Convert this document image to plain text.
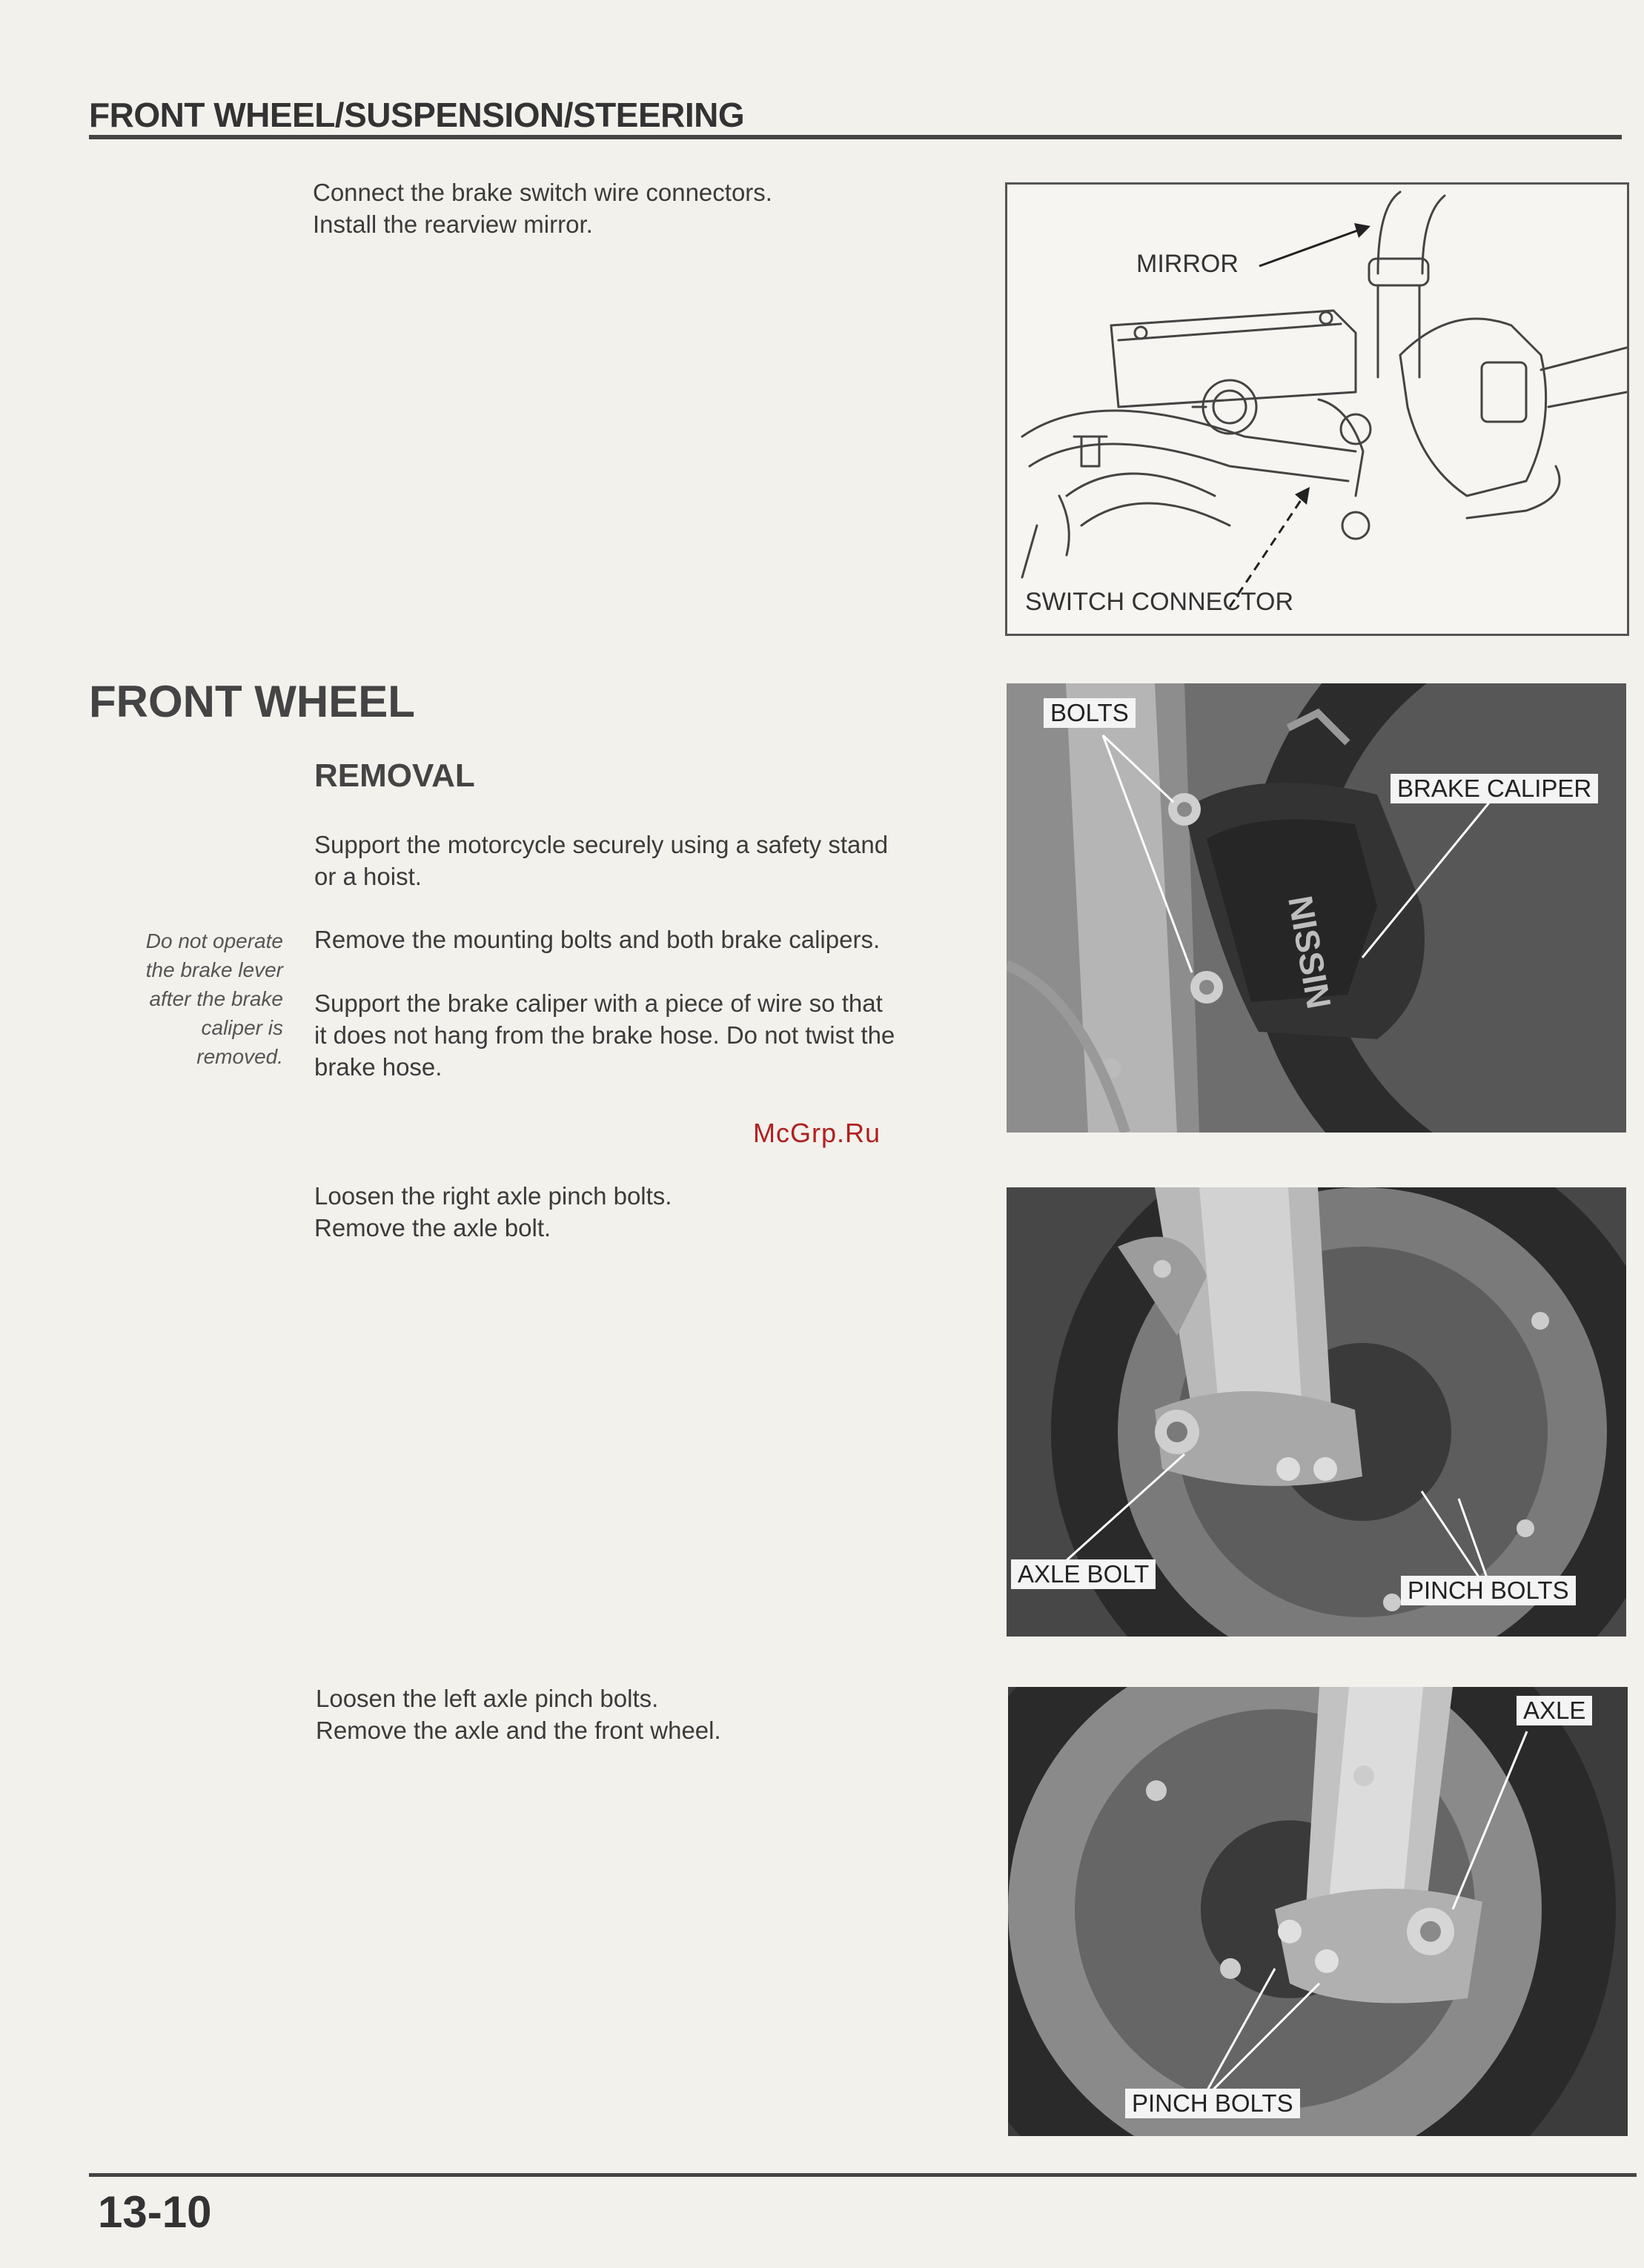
FRONT WHEEL/SUSPENSION/STEERING
Connect the brake switch wire connectors.
Install the rearview mirror.
MIRROR
SWITCH CONNECTOR
FRONT WHEEL
REMOVAL
Support the motorcycle securely using a safety stand
or a hoist.
Remove the mounting bolts and both brake calipers.
Support the brake caliper with a piece of wire so that
it does not hang from the brake hose. Do not twist the
brake hose.
Do not operate
the brake lever
after the brake
caliper is
removed.
McGrp.Ru
NISSIN
BOLTS
BRAKE CALIPER
Loosen the right axle pinch bolts.
Remove the axle bolt.
AXLE BOLT
PINCH BOLTS
Loosen the left axle pinch bolts.
Remove the axle and the front wheel.
AXLE
PINCH BOLTS
13-10
